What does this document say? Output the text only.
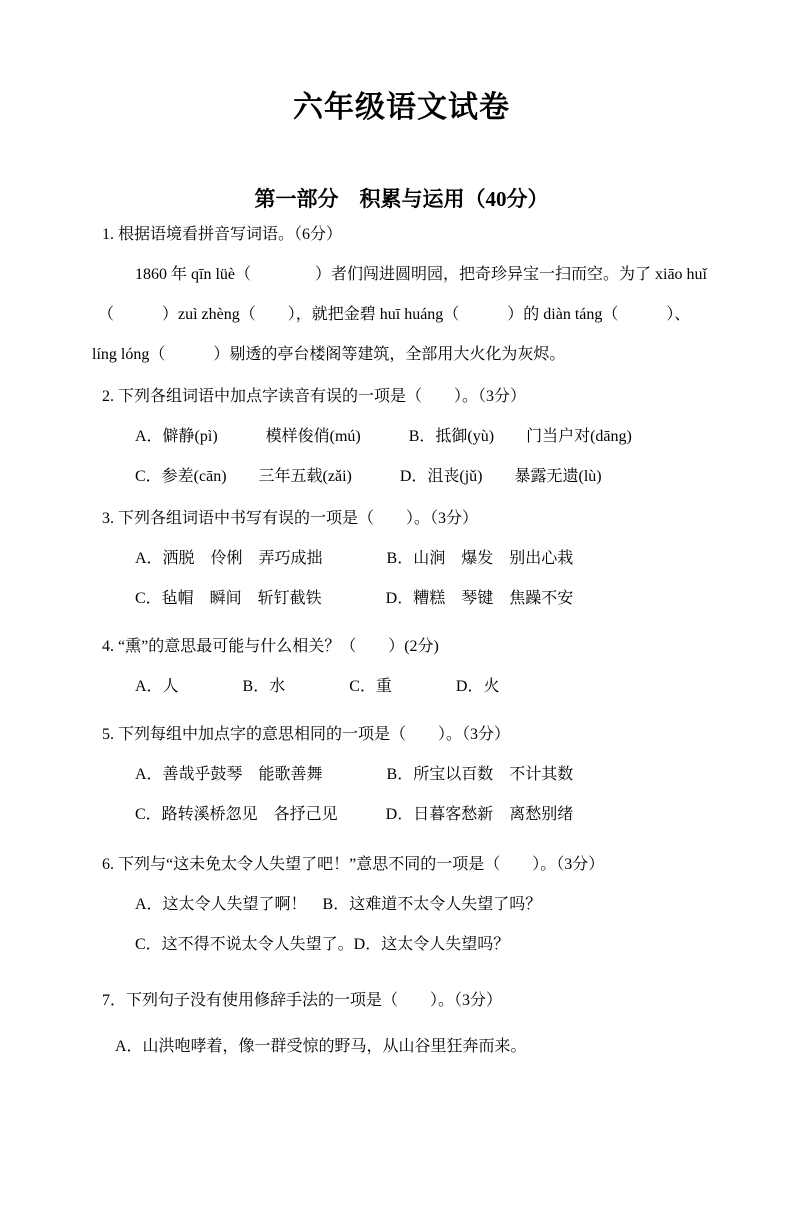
六年级语文试卷
第一部分　积累与运用（40分）
1. 根据语境看拼音写词语。（6分）
1860 年 qīn lüè（　　　　）者们闯进圆明园，把奇珍异宝一扫而空。为了 xiāo huǐ
（　　　）zuì zhèng（　　），就把金碧 huī huáng（　　　）的 diàn táng（　　　）、
líng lóng（　　　）剔透的亭台楼阁等建筑，全部用大火化为灰烬。
2. 下列各组词语中加点字读音有误的一项是（　　）。（3分）
A．僻静(pì)　　　模样俊俏(mú)　　　B．抵御(yù)　　门当户对(dāng)
C．参差(cān)　　三年五载(zǎi)　　　D．沮丧(jǔ)　　暴露无遗(lù)
3. 下列各组词语中书写有误的一项是（　　）。（3分）
A．洒脱　伶俐　弄巧成拙　　　　B．山涧　爆发　别出心栽
C．毡帽　瞬间　斩钉截铁　　　　D．糟糕　琴键　焦躁不安
4. “熏”的意思最可能与什么相关？（　　）(2分)
A．人　　　　B．水　　　　C．重　　　　D．火
5. 下列每组中加点字的意思相同的一项是（　　）。（3分）
A．善哉乎鼓琴　能歌善舞　　　　B．所宝以百数　不计其数
C．路转溪桥忽见　各抒己见　　　D．日暮客愁新　离愁别绪
6. 下列与“这未免太令人失望了吧！”意思不同的一项是（　　）。（3分）
A．这太令人失望了啊！　B．这难道不太令人失望了吗？
C．这不得不说太令人失望了。D．这太令人失望吗？
7．下列句子没有使用修辞手法的一项是（　　）。（3分）
A．山洪咆哮着，像一群受惊的野马，从山谷里狂奔而来。
